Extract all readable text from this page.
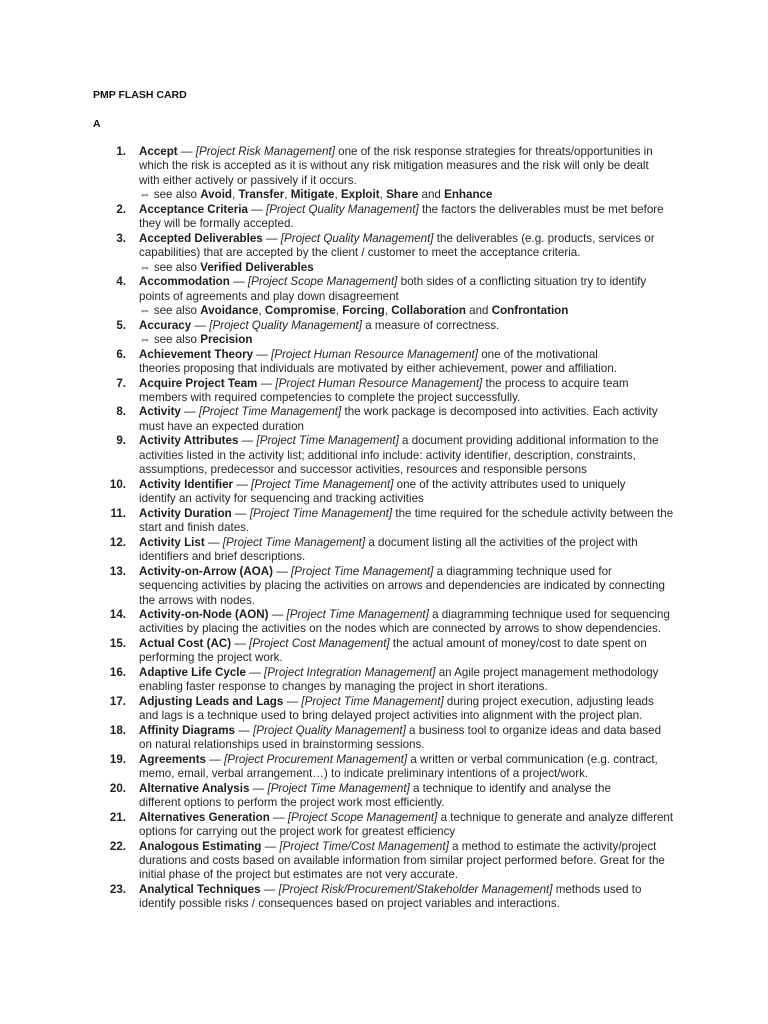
PMP FLASH CARD
A
1. Accept — [Project Risk Management] one of the risk response strategies for threats/opportunities in
which the risk is accepted as it is without any risk mitigation measures and the risk will only be dealt
with either actively or passively if it occurs.
⇔ see also Avoid, Transfer, Mitigate, Exploit, Share and Enhance
2. Acceptance Criteria — [Project Quality Management] the factors the deliverables must be met before
they will be formally accepted.
3. Accepted Deliverables — [Project Quality Management] the deliverables (e.g. products, services or
capabilities) that are accepted by the client / customer to meet the acceptance criteria.
⇔ see also Verified Deliverables
4. Accommodation — [Project Scope Management] both sides of a conflicting situation try to identify
points of agreements and play down disagreement
⇔ see also Avoidance, Compromise, Forcing, Collaboration and Confrontation
5. Accuracy — [Project Quality Management] a measure of correctness.
⇔ see also Precision
6. Achievement Theory — [Project Human Resource Management] one of the motivational
theories proposing that individuals are motivated by either achievement, power and affiliation.
7. Acquire Project Team — [Project Human Resource Management] the process to acquire team
members with required competencies to complete the project successfully.
8. Activity — [Project Time Management] the work package is decomposed into activities. Each activity
must have an expected duration
9. Activity Attributes — [Project Time Management] a document providing additional information to the
activities listed in the activity list; additional info include: activity identifier, description, constraints,
assumptions, predecessor and successor activities, resources and responsible persons
10. Activity Identifier — [Project Time Management] one of the activity attributes used to uniquely
identify an activity for sequencing and tracking activities
11. Activity Duration — [Project Time Management] the time required for the schedule activity between the
start and finish dates.
12. Activity List — [Project Time Management] a document listing all the activities of the project with
identifiers and brief descriptions.
13. Activity-on-Arrow (AOA) — [Project Time Management] a diagramming technique used for
sequencing activities by placing the activities on arrows and dependencies are indicated by connecting
the arrows with nodes.
14. Activity-on-Node (AON) — [Project Time Management] a diagramming technique used for sequencing
activities by placing the activities on the nodes which are connected by arrows to show dependencies.
15. Actual Cost (AC) — [Project Cost Management] the actual amount of money/cost to date spent on
performing the project work.
16. Adaptive Life Cycle — [Project Integration Management] an Agile project management methodology
enabling faster response to changes by managing the project in short iterations.
17. Adjusting Leads and Lags — [Project Time Management] during project execution, adjusting leads
and lags is a technique used to bring delayed project activities into alignment with the project plan.
18. Affinity Diagrams — [Project Quality Management] a business tool to organize ideas and data based
on natural relationships used in brainstorming sessions.
19. Agreements — [Project Procurement Management] a written or verbal communication (e.g. contract,
memo, email, verbal arrangement…) to indicate preliminary intentions of a project/work.
20. Alternative Analysis — [Project Time Management] a technique to identify and analyse the
different options to perform the project work most efficiently.
21. Alternatives Generation — [Project Scope Management] a technique to generate and analyze different
options for carrying out the project work for greatest efficiency
22. Analogous Estimating — [Project Time/Cost Management] a method to estimate the activity/project
durations and costs based on available information from similar project performed before. Great for the
initial phase of the project but estimates are not very accurate.
23. Analytical Techniques — [Project Risk/Procurement/Stakeholder Management] methods used to
identify possible risks / consequences based on project variables and interactions.
